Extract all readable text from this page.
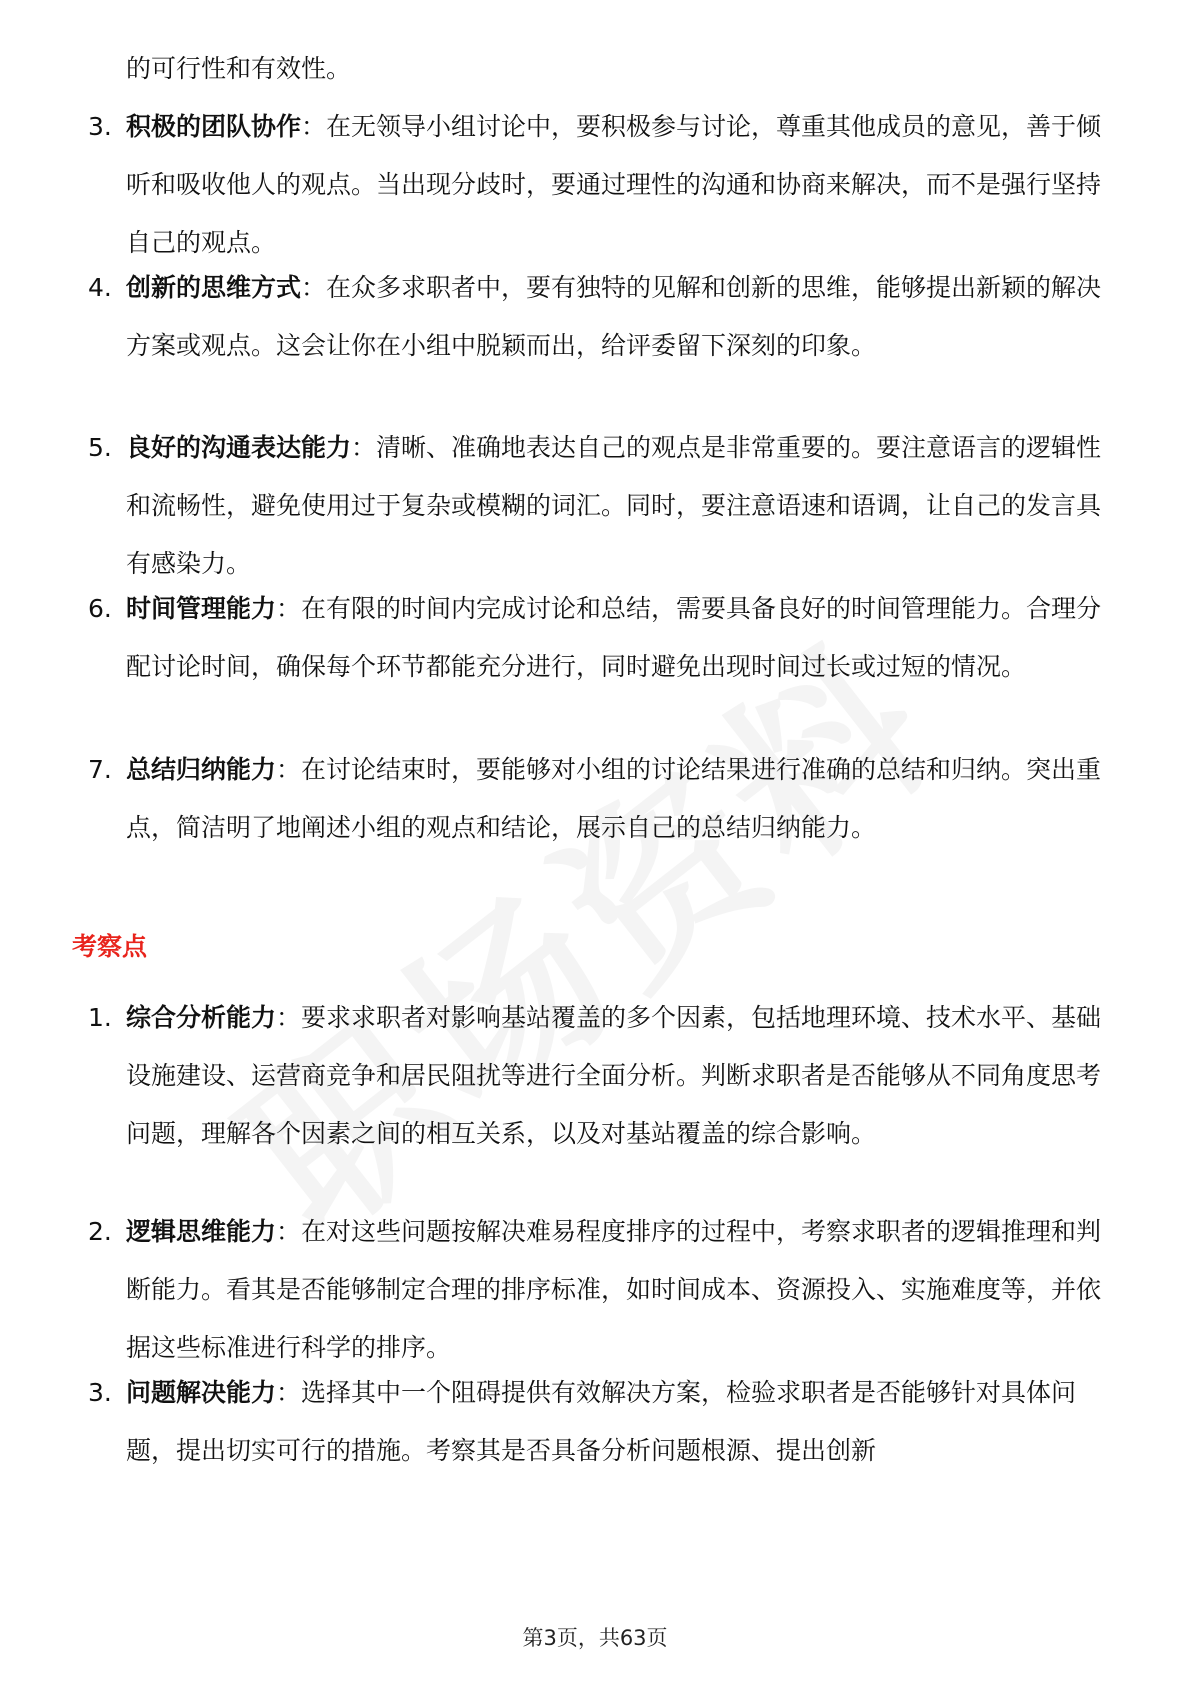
的可行性和有效性。
3. 积极的团队协作：在无领导小组讨论中，要积极参与讨论，尊重其他成员的意见，善于倾听和吸收他人的观点。当出现分歧时，要通过理性的沟通和协商来解决，而不是强行坚持自己的观点。
4. 创新的思维方式：在众多求职者中，要有独特的见解和创新的思维，能够提出新颖的解决方案或观点。这会让你在小组中脱颖而出，给评委留下深刻的印象。
5. 良好的沟通表达能力：清晰、准确地表达自己的观点是非常重要的。要注意语言的逻辑性和流畅性，避免使用过于复杂或模糊的词汇。同时，要注意语速和语调，让自己的发言具有感染力。
6. 时间管理能力：在有限的时间内完成讨论和总结，需要具备良好的时间管理能力。合理分配讨论时间，确保每个环节都能充分进行，同时避免出现时间过长或过短的情况。
7. 总结归纳能力：在讨论结束时，要能够对小组的讨论结果进行准确的总结和归纳。突出重点，简洁明了地阐述小组的观点和结论，展示自己的总结归纳能力。
考察点
1. 综合分析能力：要求求职者对影响基站覆盖的多个因素，包括地理环境、技术水平、基础设施建设、运营商竞争和居民阻扰等进行全面分析。判断求职者是否能够从不同角度思考问题，理解各个因素之间的相互关系，以及对基站覆盖的综合影响。
2. 逻辑思维能力：在对这些问题按解决难易程度排序的过程中，考察求职者的逻辑推理和判断能力。看其是否能够制定合理的排序标准，如时间成本、资源投入、实施难度等，并依据这些标准进行科学的排序。
3. 问题解决能力：选择其中一个阻碍提供有效解决方案，检验求职者是否能够针对具体问题，提出切实可行的措施。考察其是否具备分析问题根源、提出创新
第3页，共63页
